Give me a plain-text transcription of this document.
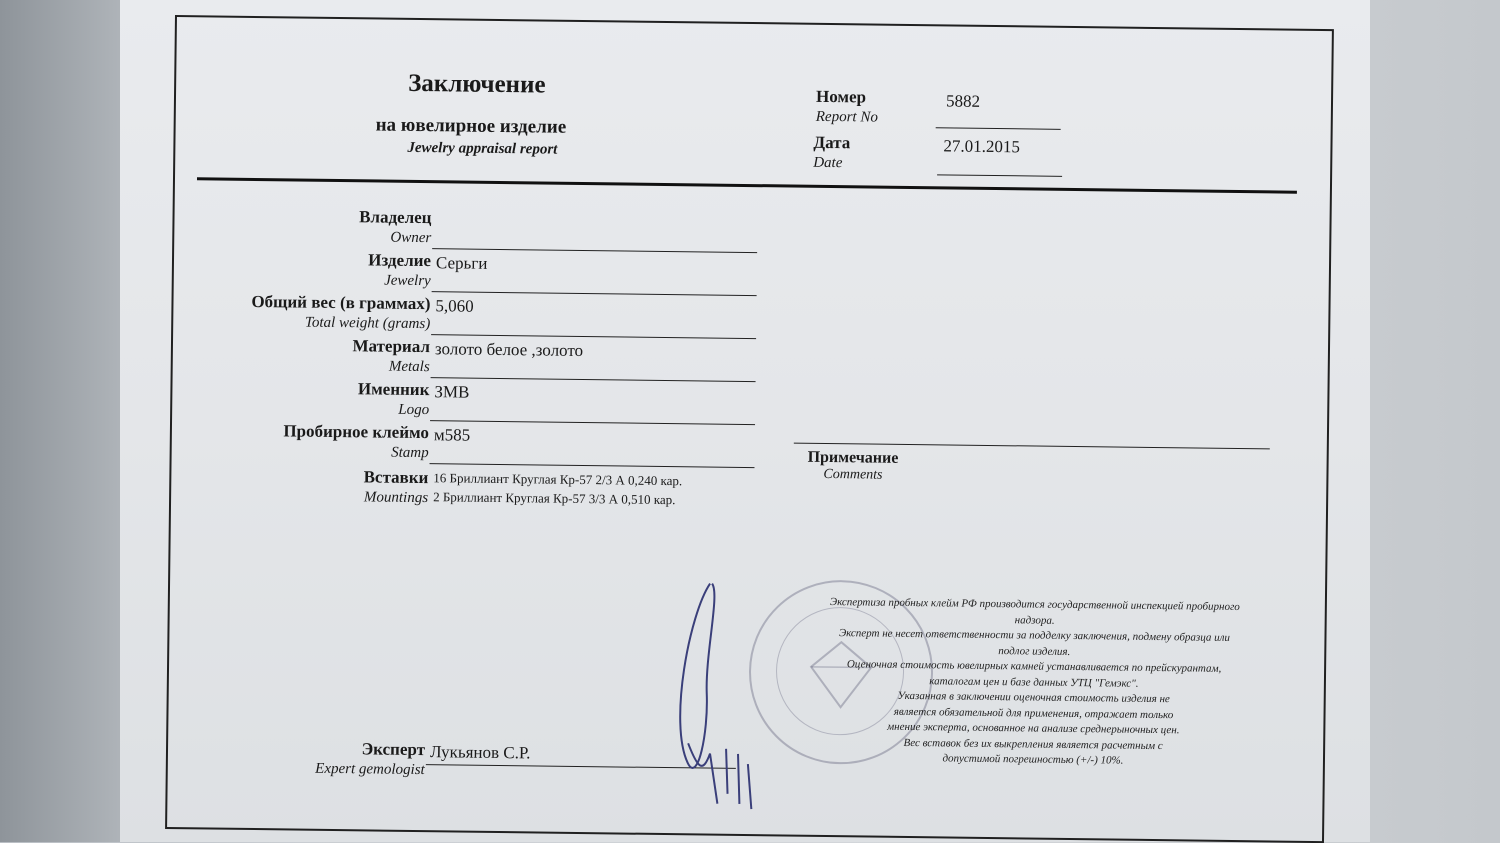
Заключение
на ювелирное изделие
Jewelry appraisal report
Номер
Report No
5882
Дата
Date
27.01.2015
Владелец
Owner
Изделие
Jewelry
Серьги
Общий вес (в граммах)
Total weight (grams)
5,060
Материал
Metals
золото белое ,золото
Именник
Logo
ЗМВ
Пробирное клеймо
Stamp
м585
Вставки
Mountings
16 Бриллиант Круглая Кр-57 2/3 А 0,240 кар.
2 Бриллиант Круглая Кр-57 3/3 А 0,510 кар.
Примечание
Comments
Экспертиза пробных клейм РФ производится государственной инспекцией пробирного
надзора.
Эксперт не несет ответственности за подделку заключения, подмену образца или
подлог изделия.
Оценочная стоимость ювелирных камней устанавливается по прейскурантам,
каталогам цен и базе данных УТЦ "Гемэкс".
Указанная в заключении оценочная стоимость изделия не
является обязательной для применения, отражает только
мнение эксперта, основанное на анализе среднерыночных цен.
Вес вставок без их выкрепления является расчетным с
допустимой погрешностью (+/-) 10%.
Эксперт
Expert gemologist
Лукьянов С.Р.
